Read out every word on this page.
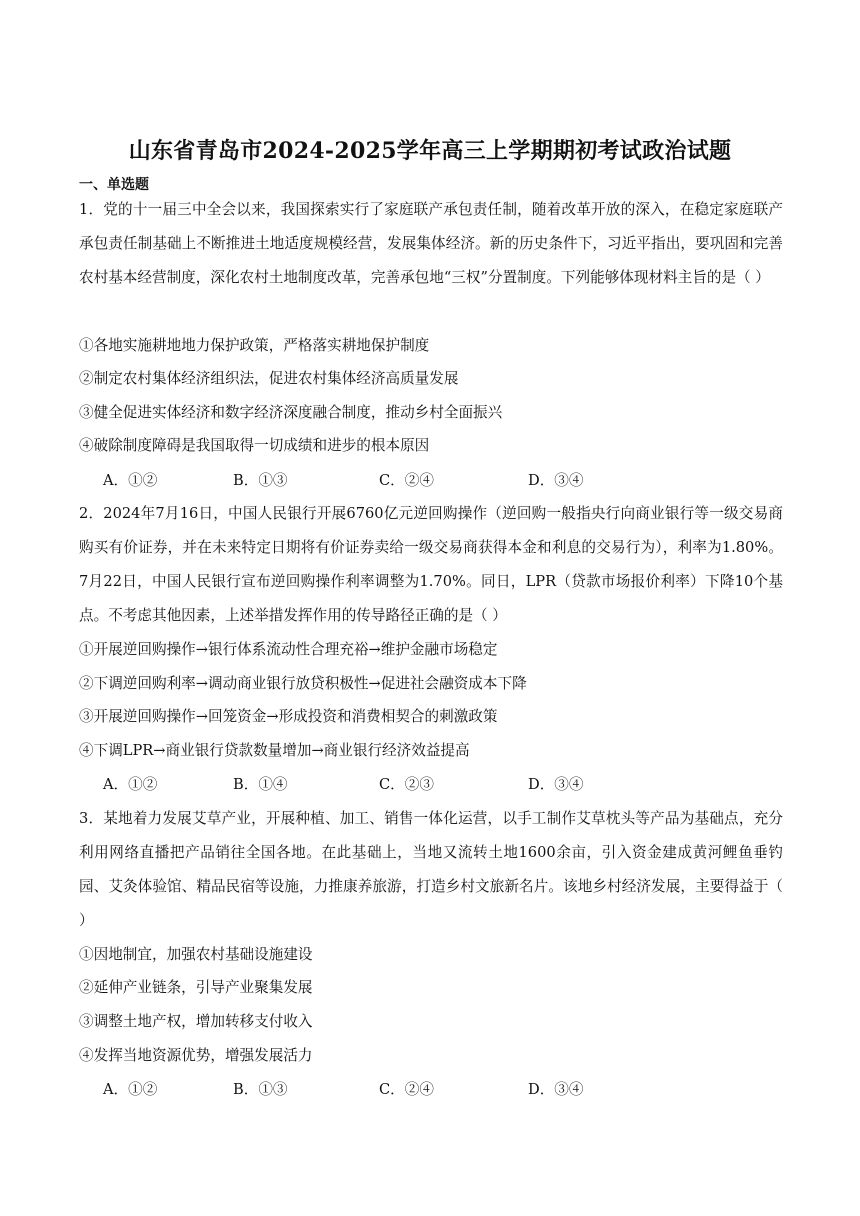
山东省青岛市2024-2025学年高三上学期期初考试政治试题
一、单选题
1．党的十一届三中全会以来，我国探索实行了家庭联产承包责任制，随着改革开放的深入，在稳定家庭联产承包责任制基础上不断推进土地适度规模经营，发展集体经济。新的历史条件下，习近平指出，要巩固和完善农村基本经营制度，深化农村土地制度改革，完善承包地“三权”分置制度。下列能够体现材料主旨的是（ ）
①各地实施耕地地力保护政策，严格落实耕地保护制度
②制定农村集体经济组织法，促进农村集体经济高质量发展
③健全促进实体经济和数字经济深度融合制度，推动乡村全面振兴
④破除制度障碍是我国取得一切成绩和进步的根本原因
A．①②	B．①③	C．②④	D．③④
2．2024年7月16日，中国人民银行开展6760亿元逆回购操作（逆回购一般指央行向商业银行等一级交易商购买有价证券，并在未来特定日期将有价证券卖给一级交易商获得本金和利息的交易行为），利率为1.80%。7月22日，中国人民银行宣布逆回购操作利率调整为1.70%。同日，LPR（贷款市场报价利率）下降10个基点。不考虑其他因素，上述举措发挥作用的传导路径正确的是（ ）
①开展逆回购操作→银行体系流动性合理充裕→维护金融市场稳定
②下调逆回购利率→调动商业银行放贷积极性→促进社会融资成本下降
③开展逆回购操作→回笼资金→形成投资和消费相契合的刺激政策
④下调LPR→商业银行贷款数量增加→商业银行经济效益提高
A．①②	B．①④	C．②③	D．③④
3．某地着力发展艾草产业，开展种植、加工、销售一体化运营，以手工制作艾草枕头等产品为基础点，充分利用网络直播把产品销往全国各地。在此基础上，当地又流转土地1600余亩，引入资金建成黄河鲤鱼垂钓园、艾灸体验馆、精品民宿等设施，力推康养旅游，打造乡村文旅新名片。该地乡村经济发展，主要得益于（ ）
①因地制宜，加强农村基础设施建设
②延伸产业链条，引导产业聚集发展
③调整土地产权，增加转移支付收入
④发挥当地资源优势，增强发展活力
A．①②	B．①③	C．②④	D．③④
